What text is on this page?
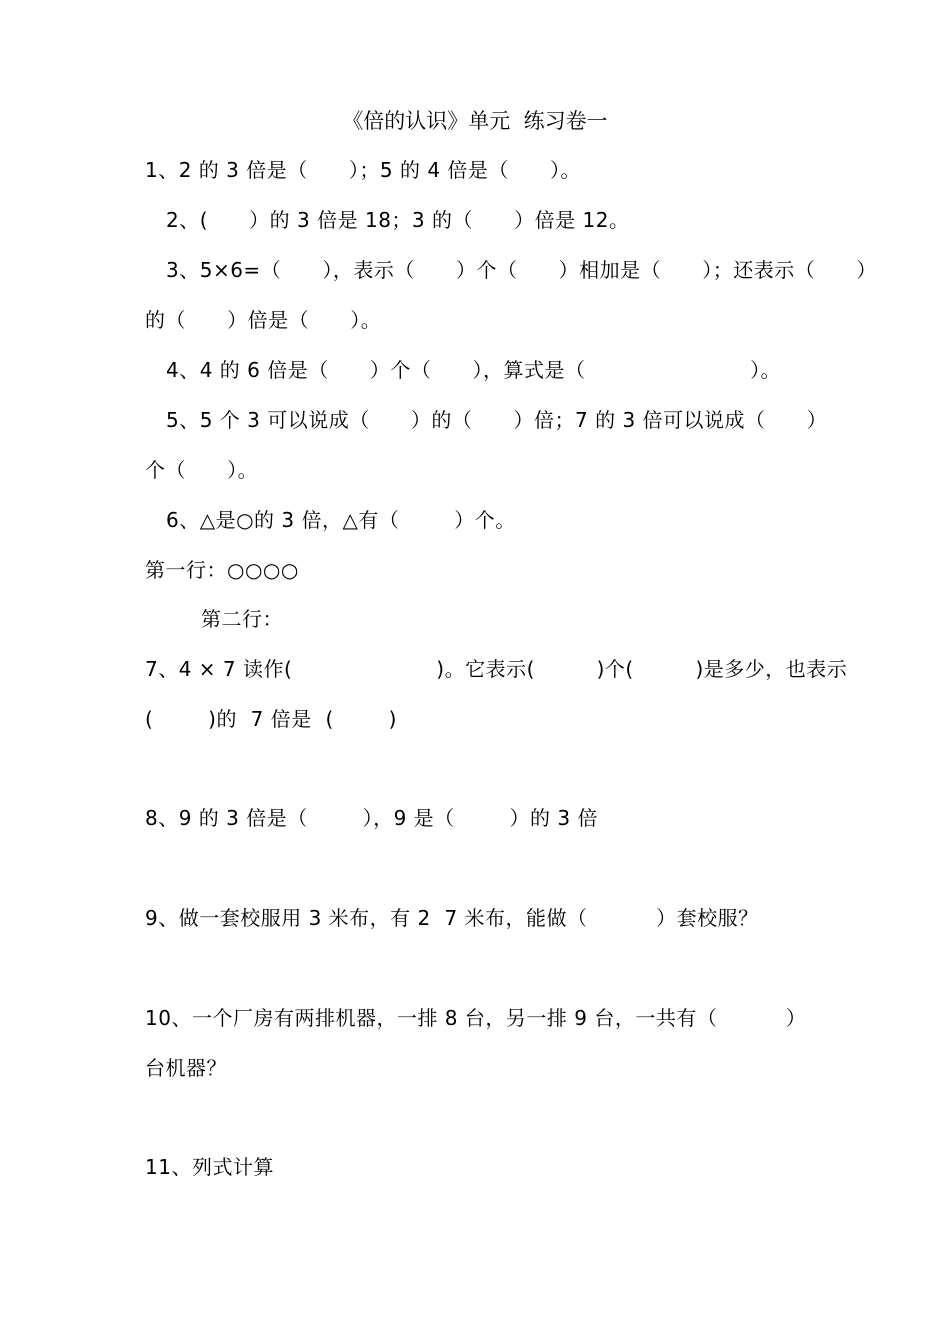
《倍的认识》单元  练习卷一
1、2 的 3 倍是（      ）；5 的 4 倍是（      ）。
2、(      ）的 3 倍是 18；3 的（      ）倍是 12。
3、5×6=（      ），表示（      ）个（      ）相加是（      ）；还表示（      ）
的（      ）倍是（      ）。
4、4 的 6 倍是（      ）个（      ），算式是（                        ）。
5、5 个 3 可以说成（      ）的（      ）倍；7 的 3 倍可以说成（      ）
个（      ）。
6、△是○的 3 倍，△有（        ）个。
第一行：○○○○
第二行：
7、4 × 7 读作(                     )。它表示(         )个(         )是多少，也表示
(        )的  7 倍是  (        )
8、9 的 3 倍是（        ），9 是（        ）的 3 倍
9、做一套校服用 3 米布，有 2  7 米布，能做（          ）套校服？
10、一个厂房有两排机器，一排 8 台，另一排 9 台，一共有（          ）
台机器？
11、列式计算
